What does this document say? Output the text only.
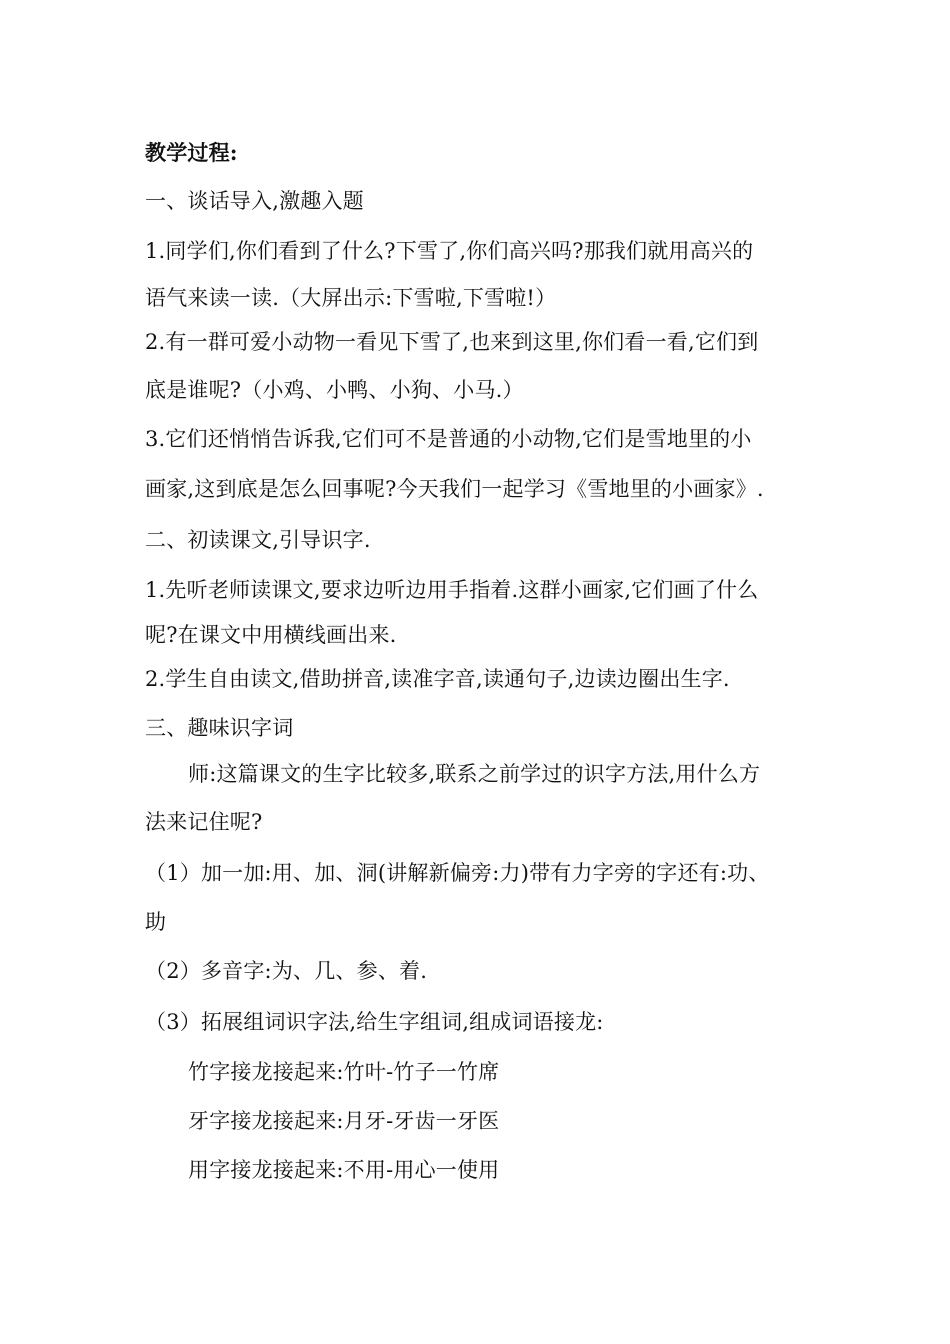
教学过程:
一、谈话导入,激趣入题
1.同学们,你们看到了什么?下雪了,你们高兴吗?那我们就用高兴的
语气来读一读.（大屏出示:下雪啦,下雪啦!）
2.有一群可爱小动物一看见下雪了,也来到这里,你们看一看,它们到
底是谁呢?（小鸡、小鸭、小狗、小马.）
3.它们还悄悄告诉我,它们可不是普通的小动物,它们是雪地里的小
画家,这到底是怎么回事呢?今天我们一起学习《雪地里的小画家》.
二、初读课文,引导识字.
1.先听老师读课文,要求边听边用手指着.这群小画家,它们画了什么
呢?在课文中用横线画出来.
2.学生自由读文,借助拼音,读准字音,读通句子,边读边圈出生字.
三、趣味识字词
师:这篇课文的生字比较多,联系之前学过的识字方法,用什么方
法来记住呢?
（1）加一加:用、加、洞(讲解新偏旁:力)带有力字旁的字还有:功、
助
（2）多音字:为、几、参、着.
（3）拓展组词识字法,给生字组词,组成词语接龙:
竹字接龙接起来:竹叶-竹子一竹席
牙字接龙接起来:月牙-牙齿一牙医
用字接龙接起来:不用-用心一使用
